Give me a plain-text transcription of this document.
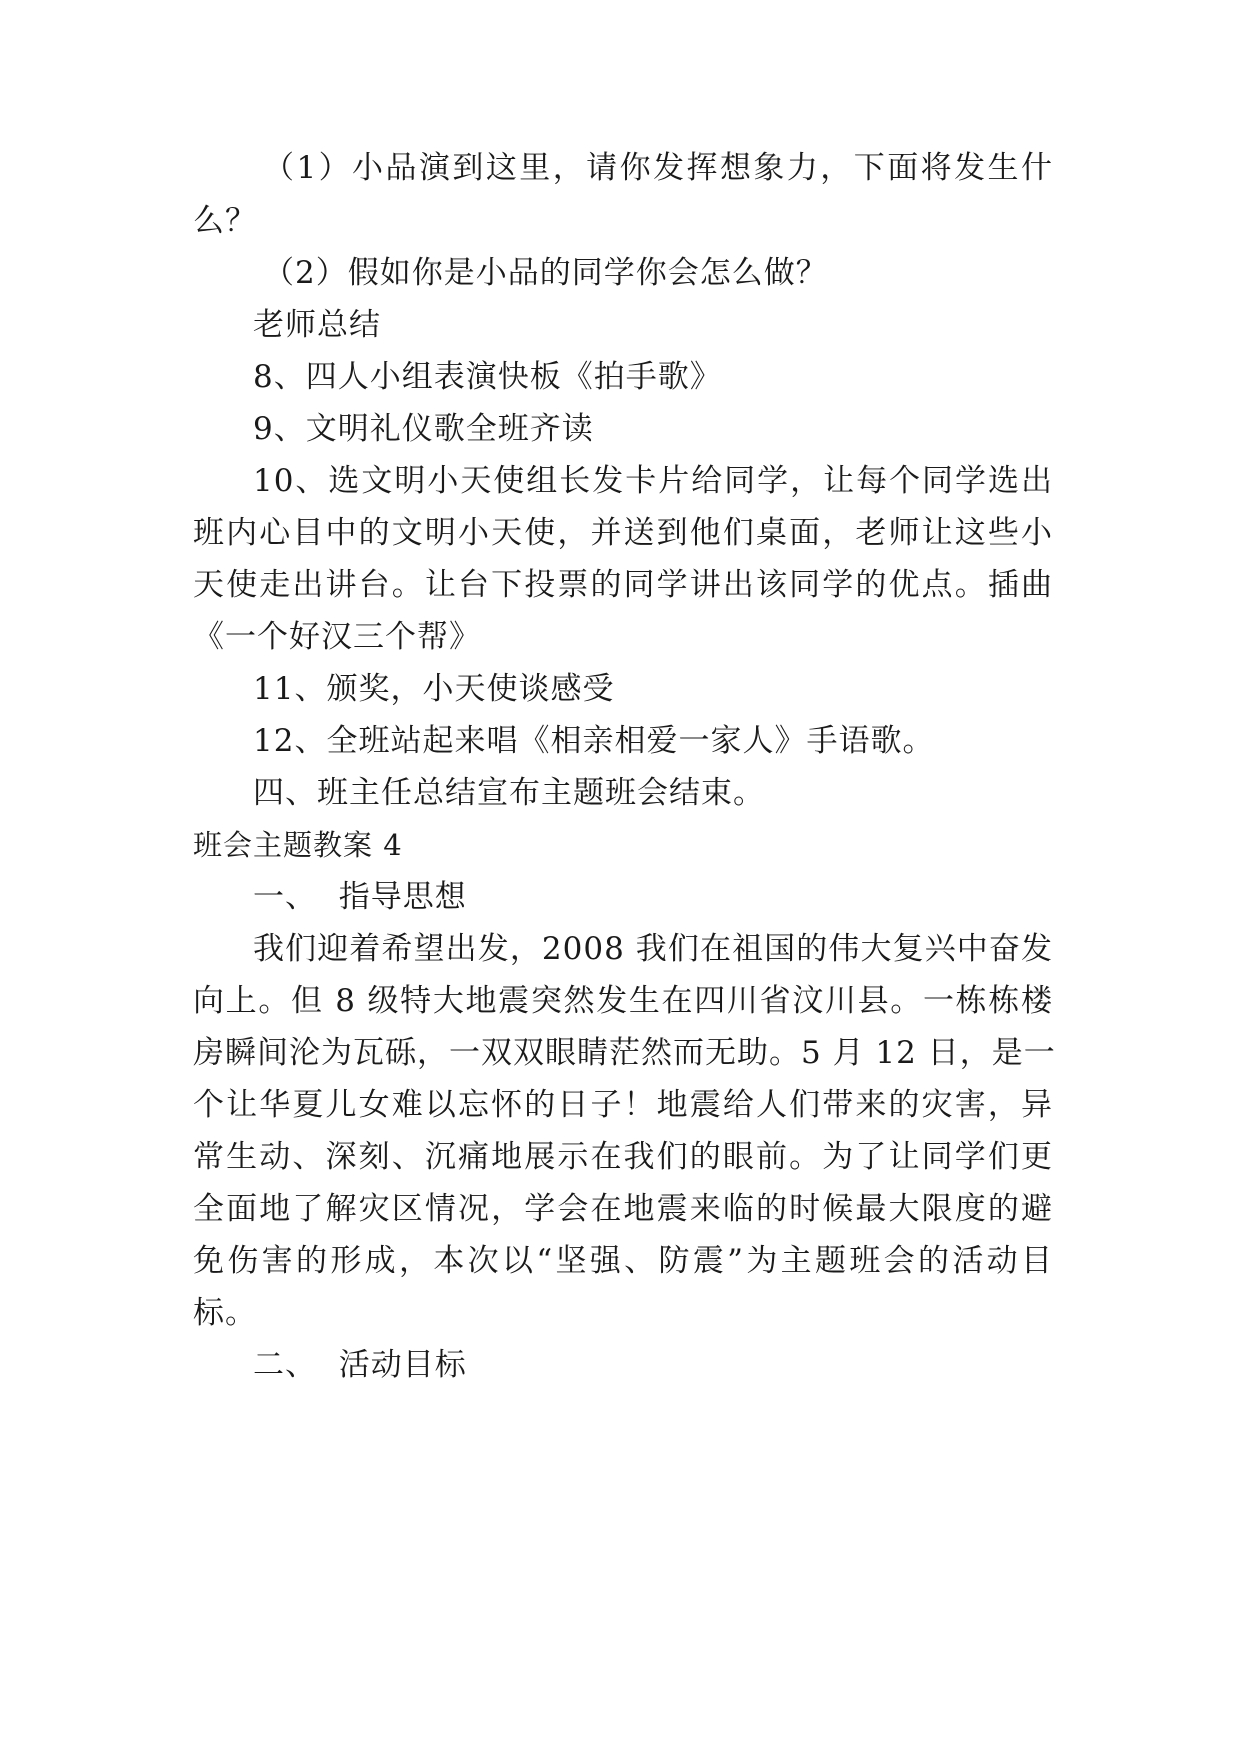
（1）小品演到这里，请你发挥想象力，下面将发生什
么？
（2）假如你是小品的同学你会怎么做？
老师总结
8、四人小组表演快板《拍手歌》
9、文明礼仪歌全班齐读
10、选文明小天使组长发卡片给同学，让每个同学选出
班内心目中的文明小天使，并送到他们桌面，老师让这些小
天使走出讲台。让台下投票的同学讲出该同学的优点。插曲
《一个好汉三个帮》
11、颁奖，小天使谈感受
12、全班站起来唱《相亲相爱一家人》手语歌。
四、班主任总结宣布主题班会结束。
班会主题教案 4
一、  指导思想
我们迎着希望出发，2008 我们在祖国的伟大复兴中奋发
向上。但 8 级特大地震突然发生在四川省汶川县。一栋栋楼
房瞬间沦为瓦砾，一双双眼睛茫然而无助。5 月 12 日，是一
个让华夏儿女难以忘怀的日子！地震给人们带来的灾害，异
常生动、深刻、沉痛地展示在我们的眼前。为了让同学们更
全面地了解灾区情况，学会在地震来临的时候最大限度的避
免伤害的形成，本次以“坚强、防震”为主题班会的活动目
标。
二、  活动目标
